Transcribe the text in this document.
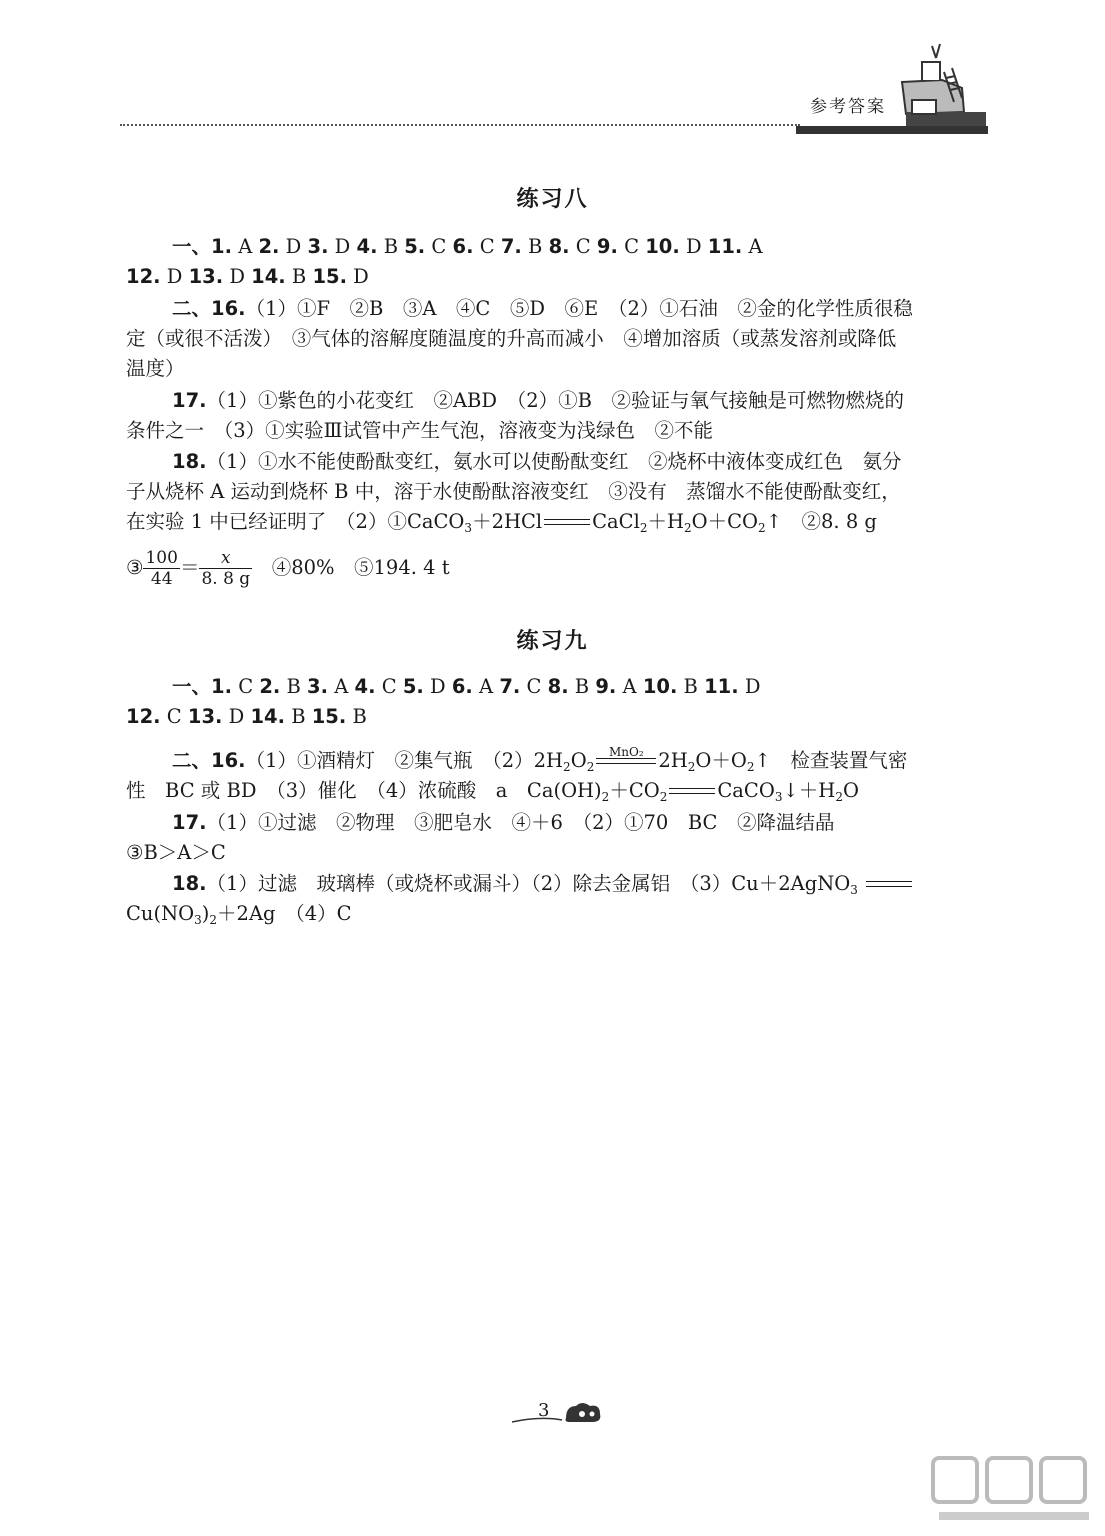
参考答案
练习八
一、1. A 2. D 3. D 4. B 5. C 6. C 7. B 8. C 9. C 10. D 11. A
12. D 13. D 14. B 15. D
二、16.（1）①F　②B　③A　④C　⑤D　⑥E　（2）①石油　②金的化学性质很稳
定（或很不活泼）　③气体的溶解度随温度的升高而减小　④增加溶质（或蒸发溶剂或降低
温度）
17.（1）①紫色的小花变红　②ABD　（2）①B　②验证与氧气接触是可燃物燃烧的
条件之一　（3）①实验Ⅲ试管中产生气泡，溶液变为浅绿色　②不能
18.（1）①水不能使酚酞变红，氨水可以使酚酞变红　②烧杯中液体变成红色　氨分
子从烧杯 A 运动到烧杯 B 中，溶于水使酚酞溶液变红　③没有　蒸馏水不能使酚酞变红，
在实验 1 中已经证明了　（2）①CaCO$_3$＋2HCl	$CaCl_2+H_2O+CO_2↑$　②8. 8 g
③ $\frac{100}{44} = \frac{x}{8. 8 g}$ 　④80%　⑤194. 4 t
练习九
一、1. C 2. B 3. A 4. C 5. D 6. A 7. C 8. B 9. A 10. B 11. D
12. C 13. D 14. B 15. B
二、16.（1）①酒精灯　②集气瓶　$(2)2H_2O_2$
MnO₂ $2H_2O+O_2↑$　检查装置气密
性　BC 或 BD　（3）催化　（4）浓硫酸　a　$Ca(OH)_2+CO_2$	$CaCO_3↓+H_2O$
17.（1）①过滤　②物理　③肥皂水　④＋6　（2）①70　BC　②降温结晶
③B＞A＞C
18.（1）过滤　玻璃棒（或烧杯或漏斗）（2）除去金属铝　（3）Cu＋2AgNO$_3$
$Cu(NO_3)_2+2Ag$　（4）C
3
